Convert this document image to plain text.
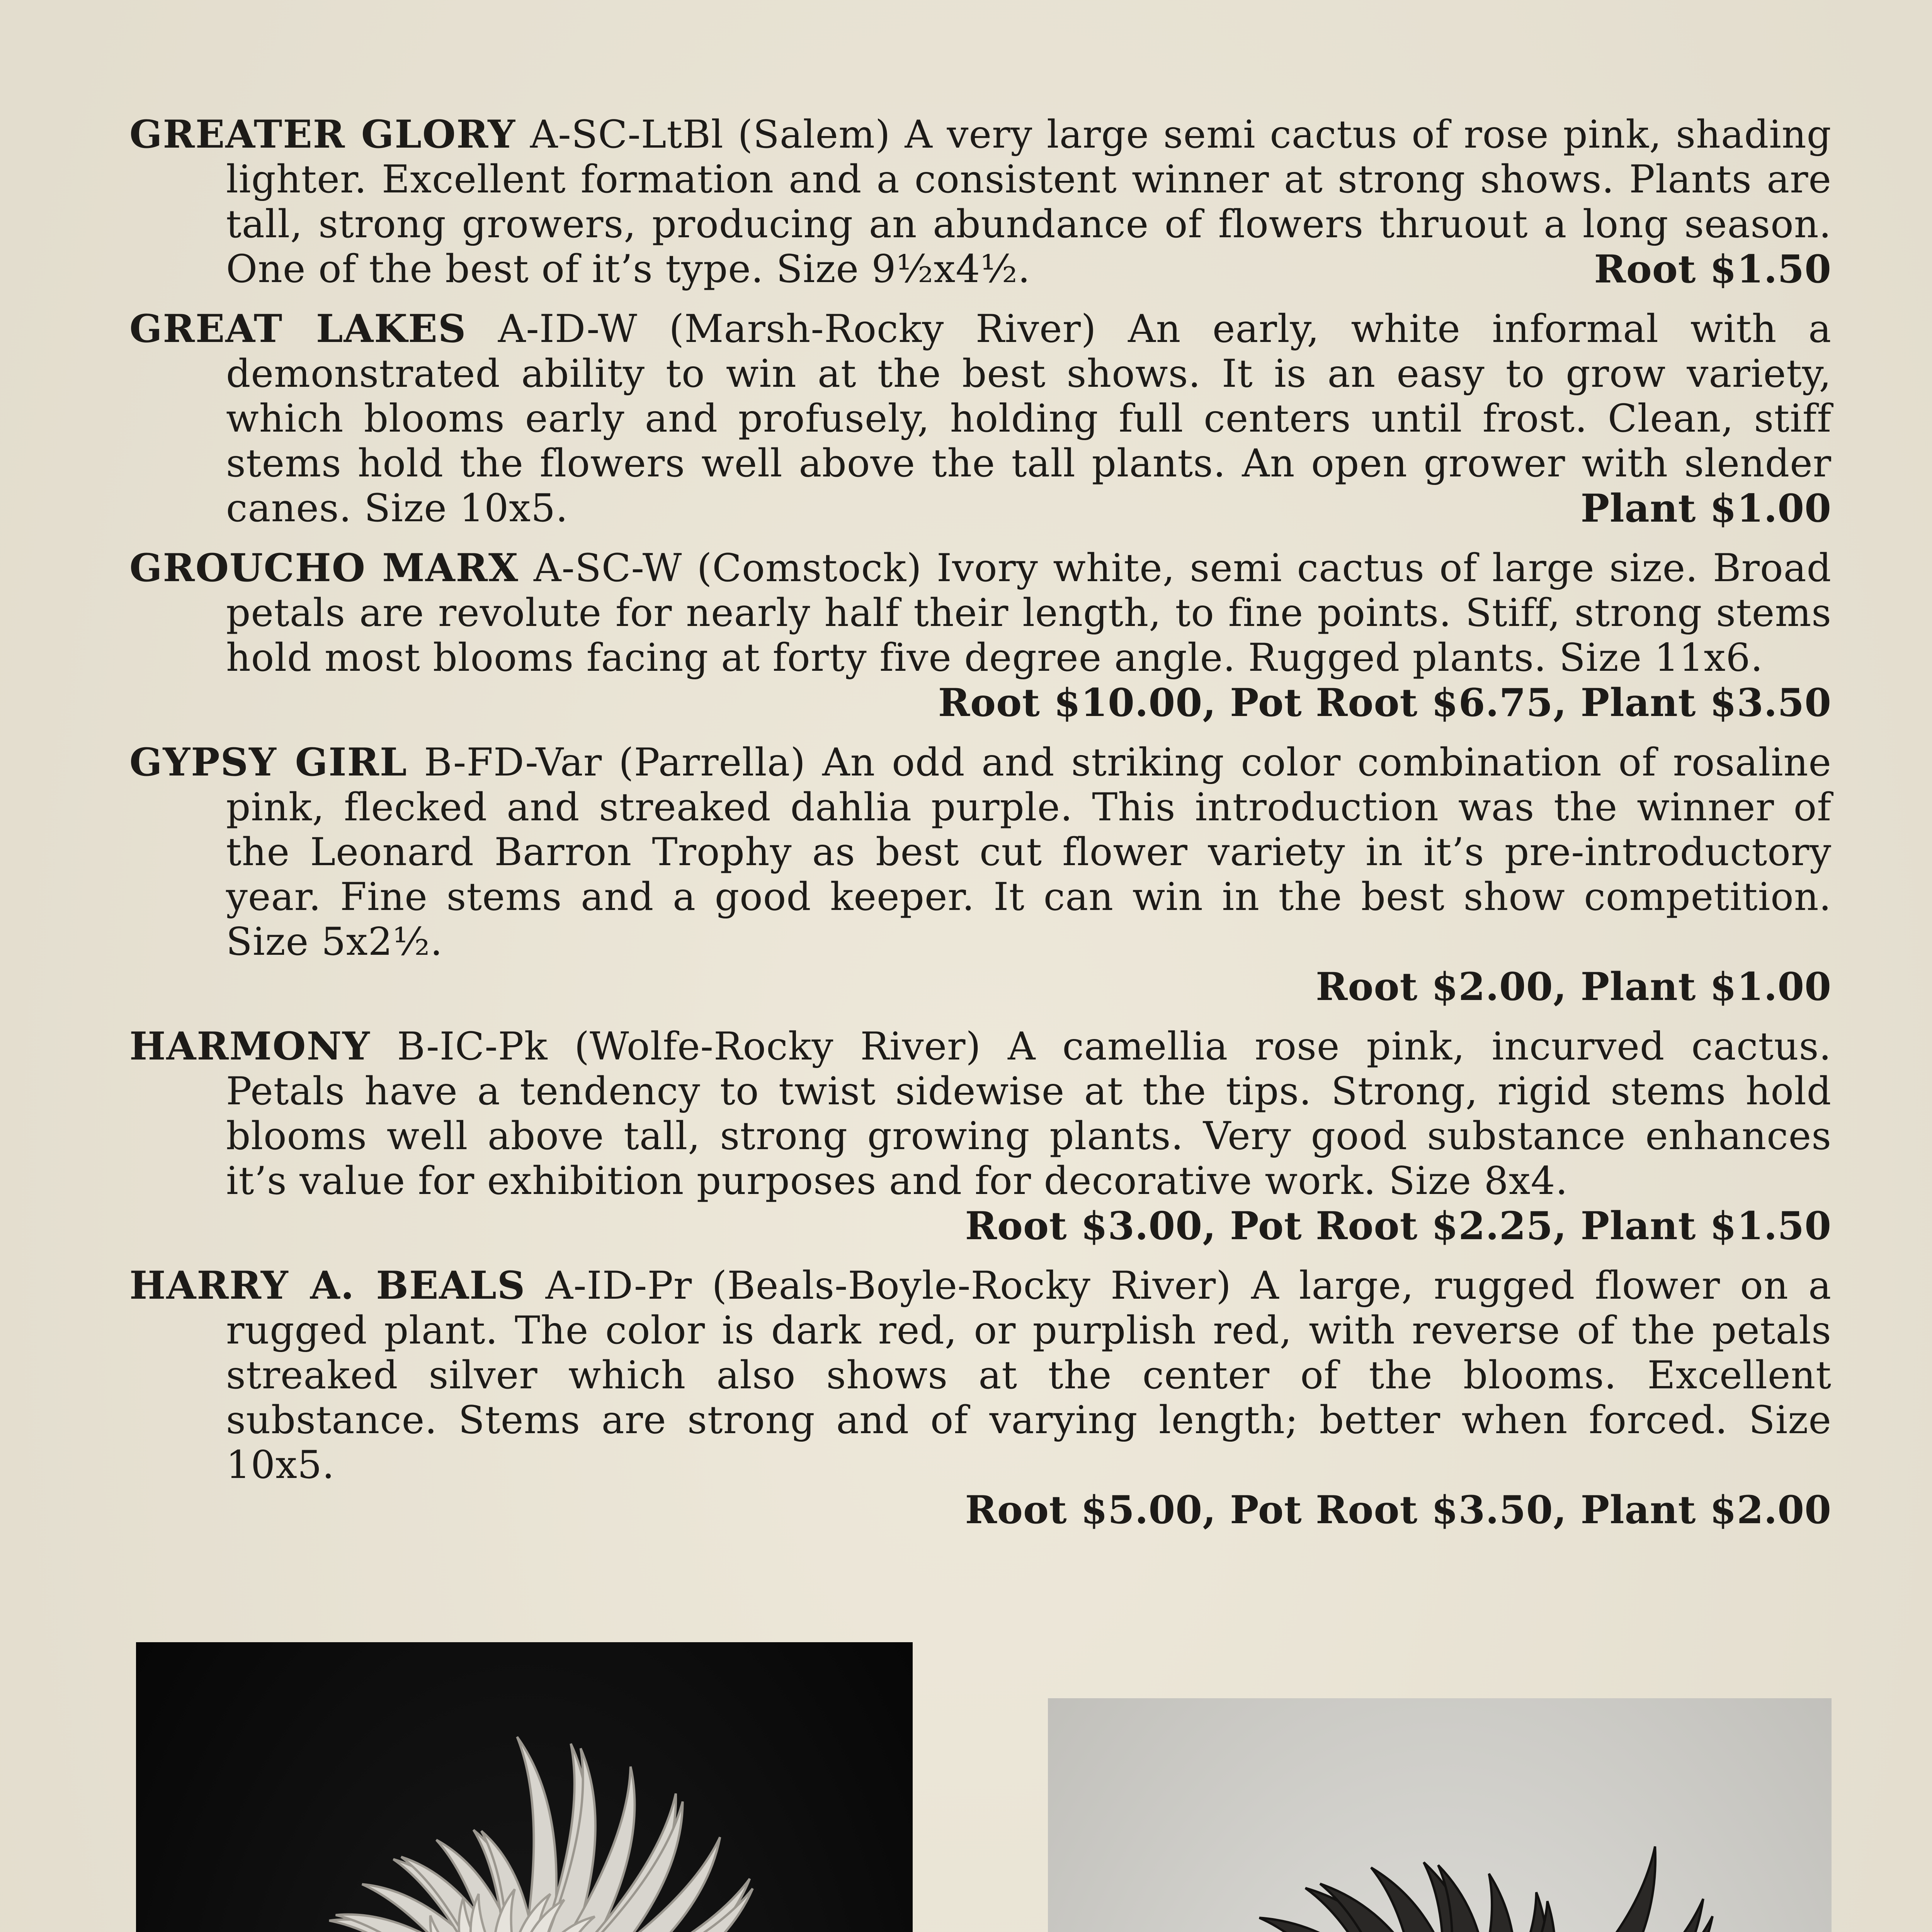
GREATER GLORY A-SC-LtBl (Salem) A very large semi cactus of rose pink, shading lighter. Excellent formation and a consistent winner at strong shows. Plants are tall, strong growers, producing an abundance of flowers thruout a long season. One of the best of it’s type. Size 9½x4½.	Root $1.50
GREAT LAKES A-ID-W (Marsh-Rocky River) An early, white informal with a demonstrated ability to win at the best shows. It is an easy to grow variety, which blooms early and profusely, holding full centers until frost. Clean, stiff stems hold the flowers well above the tall plants. An open grower with slender canes. Size 10x5.	Plant $1.00
GROUCHO MARX A-SC-W (Comstock) Ivory white, semi cactus of large size. Broad petals are revolute for nearly half their length, to fine points. Stiff, strong stems hold most blooms facing at forty five degree angle. Rugged plants. Size 11x6.
Root $10.00, Pot Root $6.75, Plant $3.50
GYPSY GIRL B-FD-Var (Parrella) An odd and striking color combination of rosaline pink, flecked and streaked dahlia purple. This introduction was the winner of the Leonard Barron Trophy as best cut flower variety in it’s pre-introductory year. Fine stems and a good keeper. It can win in the best show competition. Size 5x2½.
Root $2.00, Plant $1.00
HARMONY B-IC-Pk (Wolfe-Rocky River) A camellia rose pink, incurved cactus. Petals have a tendency to twist sidewise at the tips. Strong, rigid stems hold blooms well above tall, strong growing plants. Very good substance enhances it’s value for exhibition purposes and for decorative work. Size 8x4.
Root $3.00, Pot Root $2.25, Plant $1.50
HARRY A. BEALS A-ID-Pr (Beals-Boyle-Rocky River) A large, rugged flower on a rugged plant. The color is dark red, or purplish red, with reverse of the petals streaked silver which also shows at the center of the blooms. Excellent substance. Stems are strong and of varying length; better when forced. Size 10x5.
Root $5.00, Pot Root $3.50, Plant $2.00
